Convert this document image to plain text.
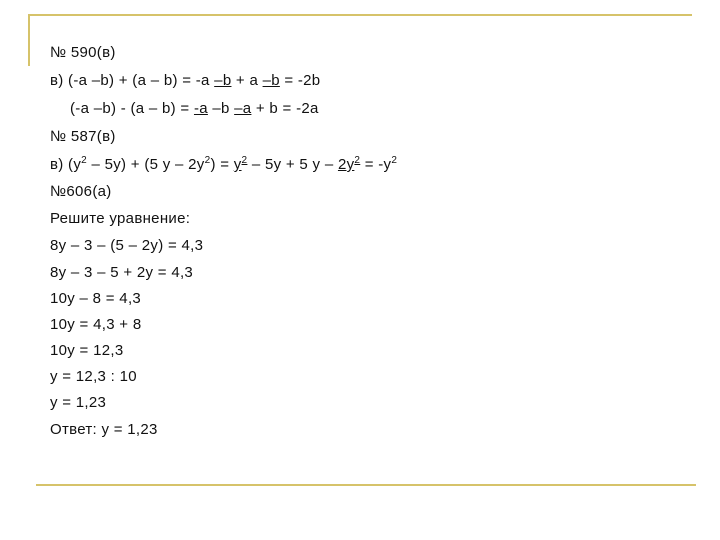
№ 590(в)
в) (-a –b) + (a – b) = -a –b + a –b = -2b
(-a –b) - (a – b) = -a –b –a + b = -2a
№ 587(в)
в) $(y^2 - 5y) + (5$ $y - 2y^2) = y^2 - 5y + 5$ $y - 2y^2 = -y^2$
№606(а)
Решите уравнение:
8y – 3 – (5 – 2y) = 4,3
8y – 3 – 5 + 2y = 4,3
10y – 8 = 4,3
10y = 4,3 + 8
10y = 12,3
y = 12,3 : 10
y = 1,23
Ответ: y = 1,23
